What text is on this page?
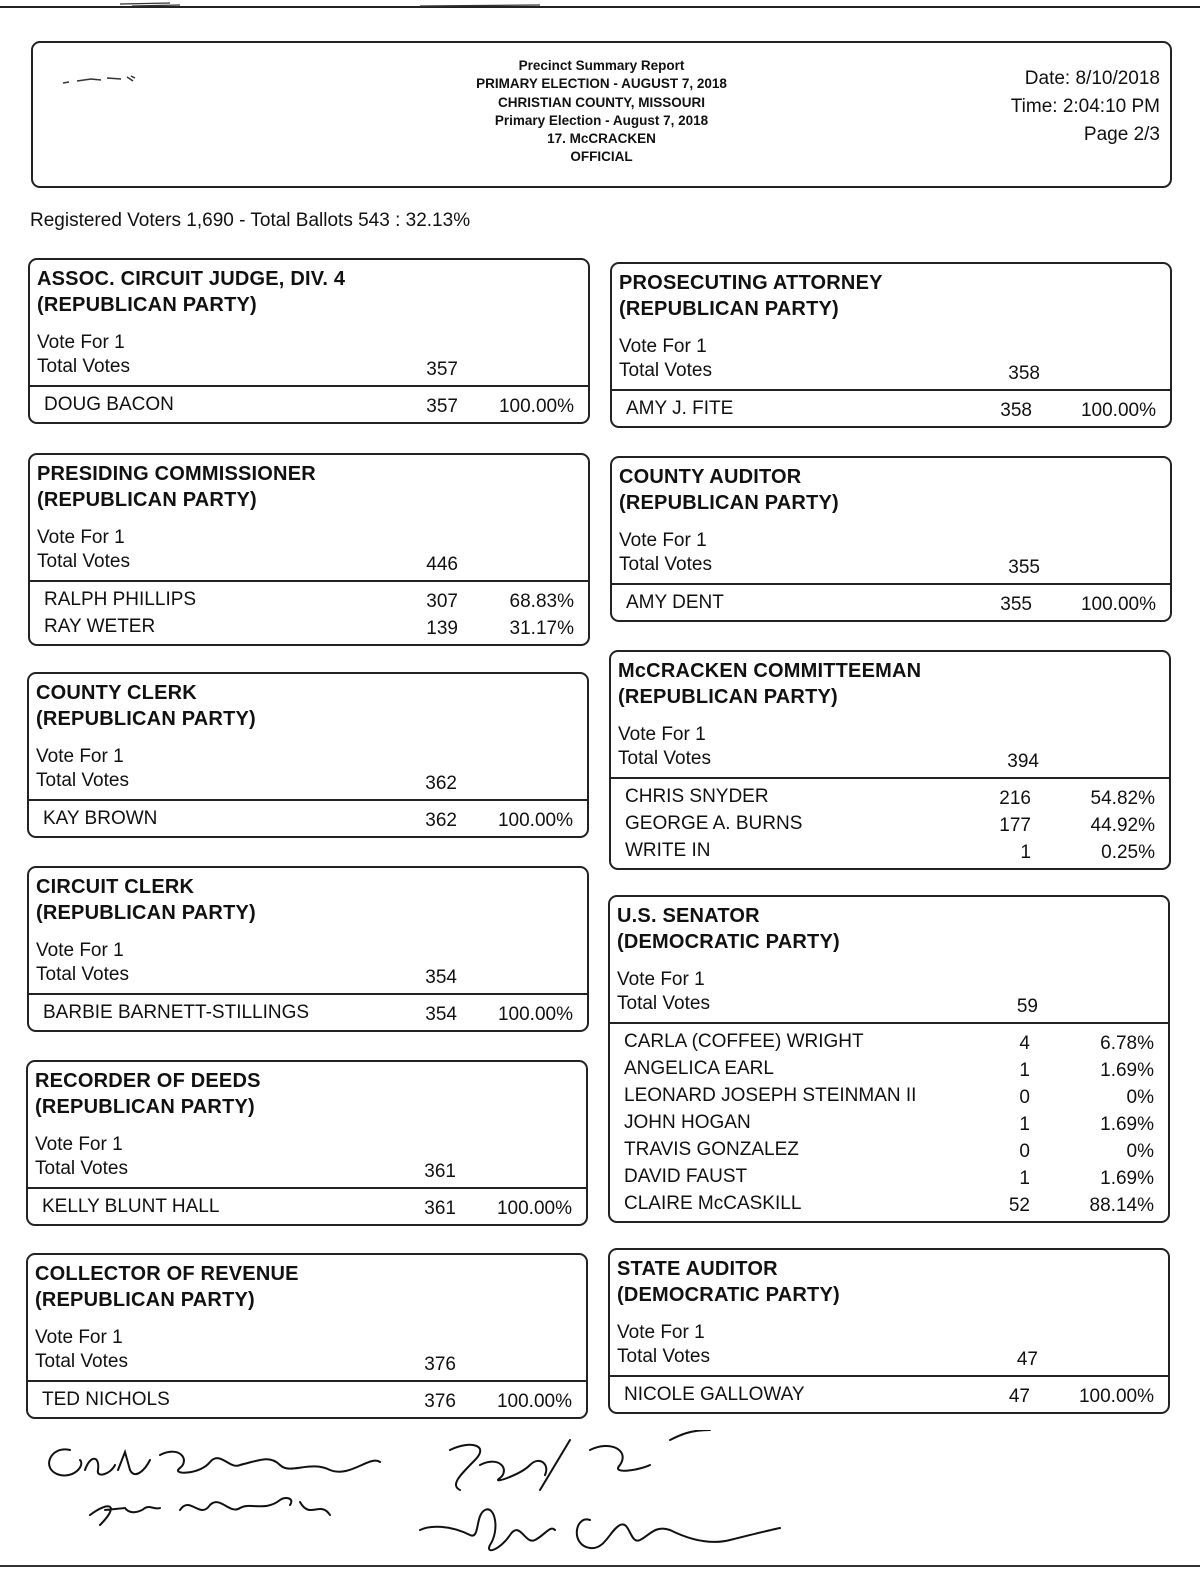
Precinct Summary Report
PRIMARY ELECTION - AUGUST 7, 2018
CHRISTIAN COUNTY, MISSOURI
Primary Election - August 7, 2018
17. McCRACKEN
OFFICIAL
Date: 8/10/2018
Time: 2:04:10 PM
Page 2/3
Registered Voters 1,690 - Total Ballots 543 : 32.13%
ASSOC. CIRCUIT JUDGE, DIV. 4
(REPUBLICAN PARTY)
Vote For 1
Total Votes	357
DOUG BACON	357 100.00%
PRESIDING COMMISSIONER
(REPUBLICAN PARTY)
Vote For 1
Total Votes	446
RALPH PHILLIPS	307	68.83%
RAY WETER	139	31.17%
COUNTY CLERK
(REPUBLICAN PARTY)
Vote For 1
Total Votes	362
KAY BROWN	362 100.00%
CIRCUIT CLERK
(REPUBLICAN PARTY)
Vote For 1
Total Votes	354
BARBIE BARNETT-STILLINGS	354 100.00%
RECORDER OF DEEDS
(REPUBLICAN PARTY)
Vote For 1
Total Votes	361
KELLY BLUNT HALL	361 100.00%
COLLECTOR OF REVENUE
(REPUBLICAN PARTY)
Vote For 1
Total Votes	376
TED NICHOLS	376 100.00%
PROSECUTING ATTORNEY
(REPUBLICAN PARTY)
Vote For 1
Total Votes	358
AMY J. FITE	358	100.00%
COUNTY AUDITOR
(REPUBLICAN PARTY)
Vote For 1
Total Votes	355
AMY DENT	355	100.00%
McCRACKEN COMMITTEEMAN
(REPUBLICAN PARTY)
Vote For 1
Total Votes	394
CHRIS SNYDER	216	54.82%
GEORGE A. BURNS	177	44.92%
WRITE IN	1	0.25%
U.S. SENATOR
(DEMOCRATIC PARTY)
Vote For 1
Total Votes	59
CARLA (COFFEE) WRIGHT	4	6.78%
ANGELICA EARL	1	1.69%
LEONARD JOSEPH STEINMAN II	0	0%
JOHN HOGAN	1	1.69%
TRAVIS GONZALEZ	0	0%
DAVID FAUST	1	1.69%
CLAIRE McCASKILL	52	88.14%
STATE AUDITOR
(DEMOCRATIC PARTY)
Vote For 1
Total Votes	47
NICOLE GALLOWAY	47	100.00%
